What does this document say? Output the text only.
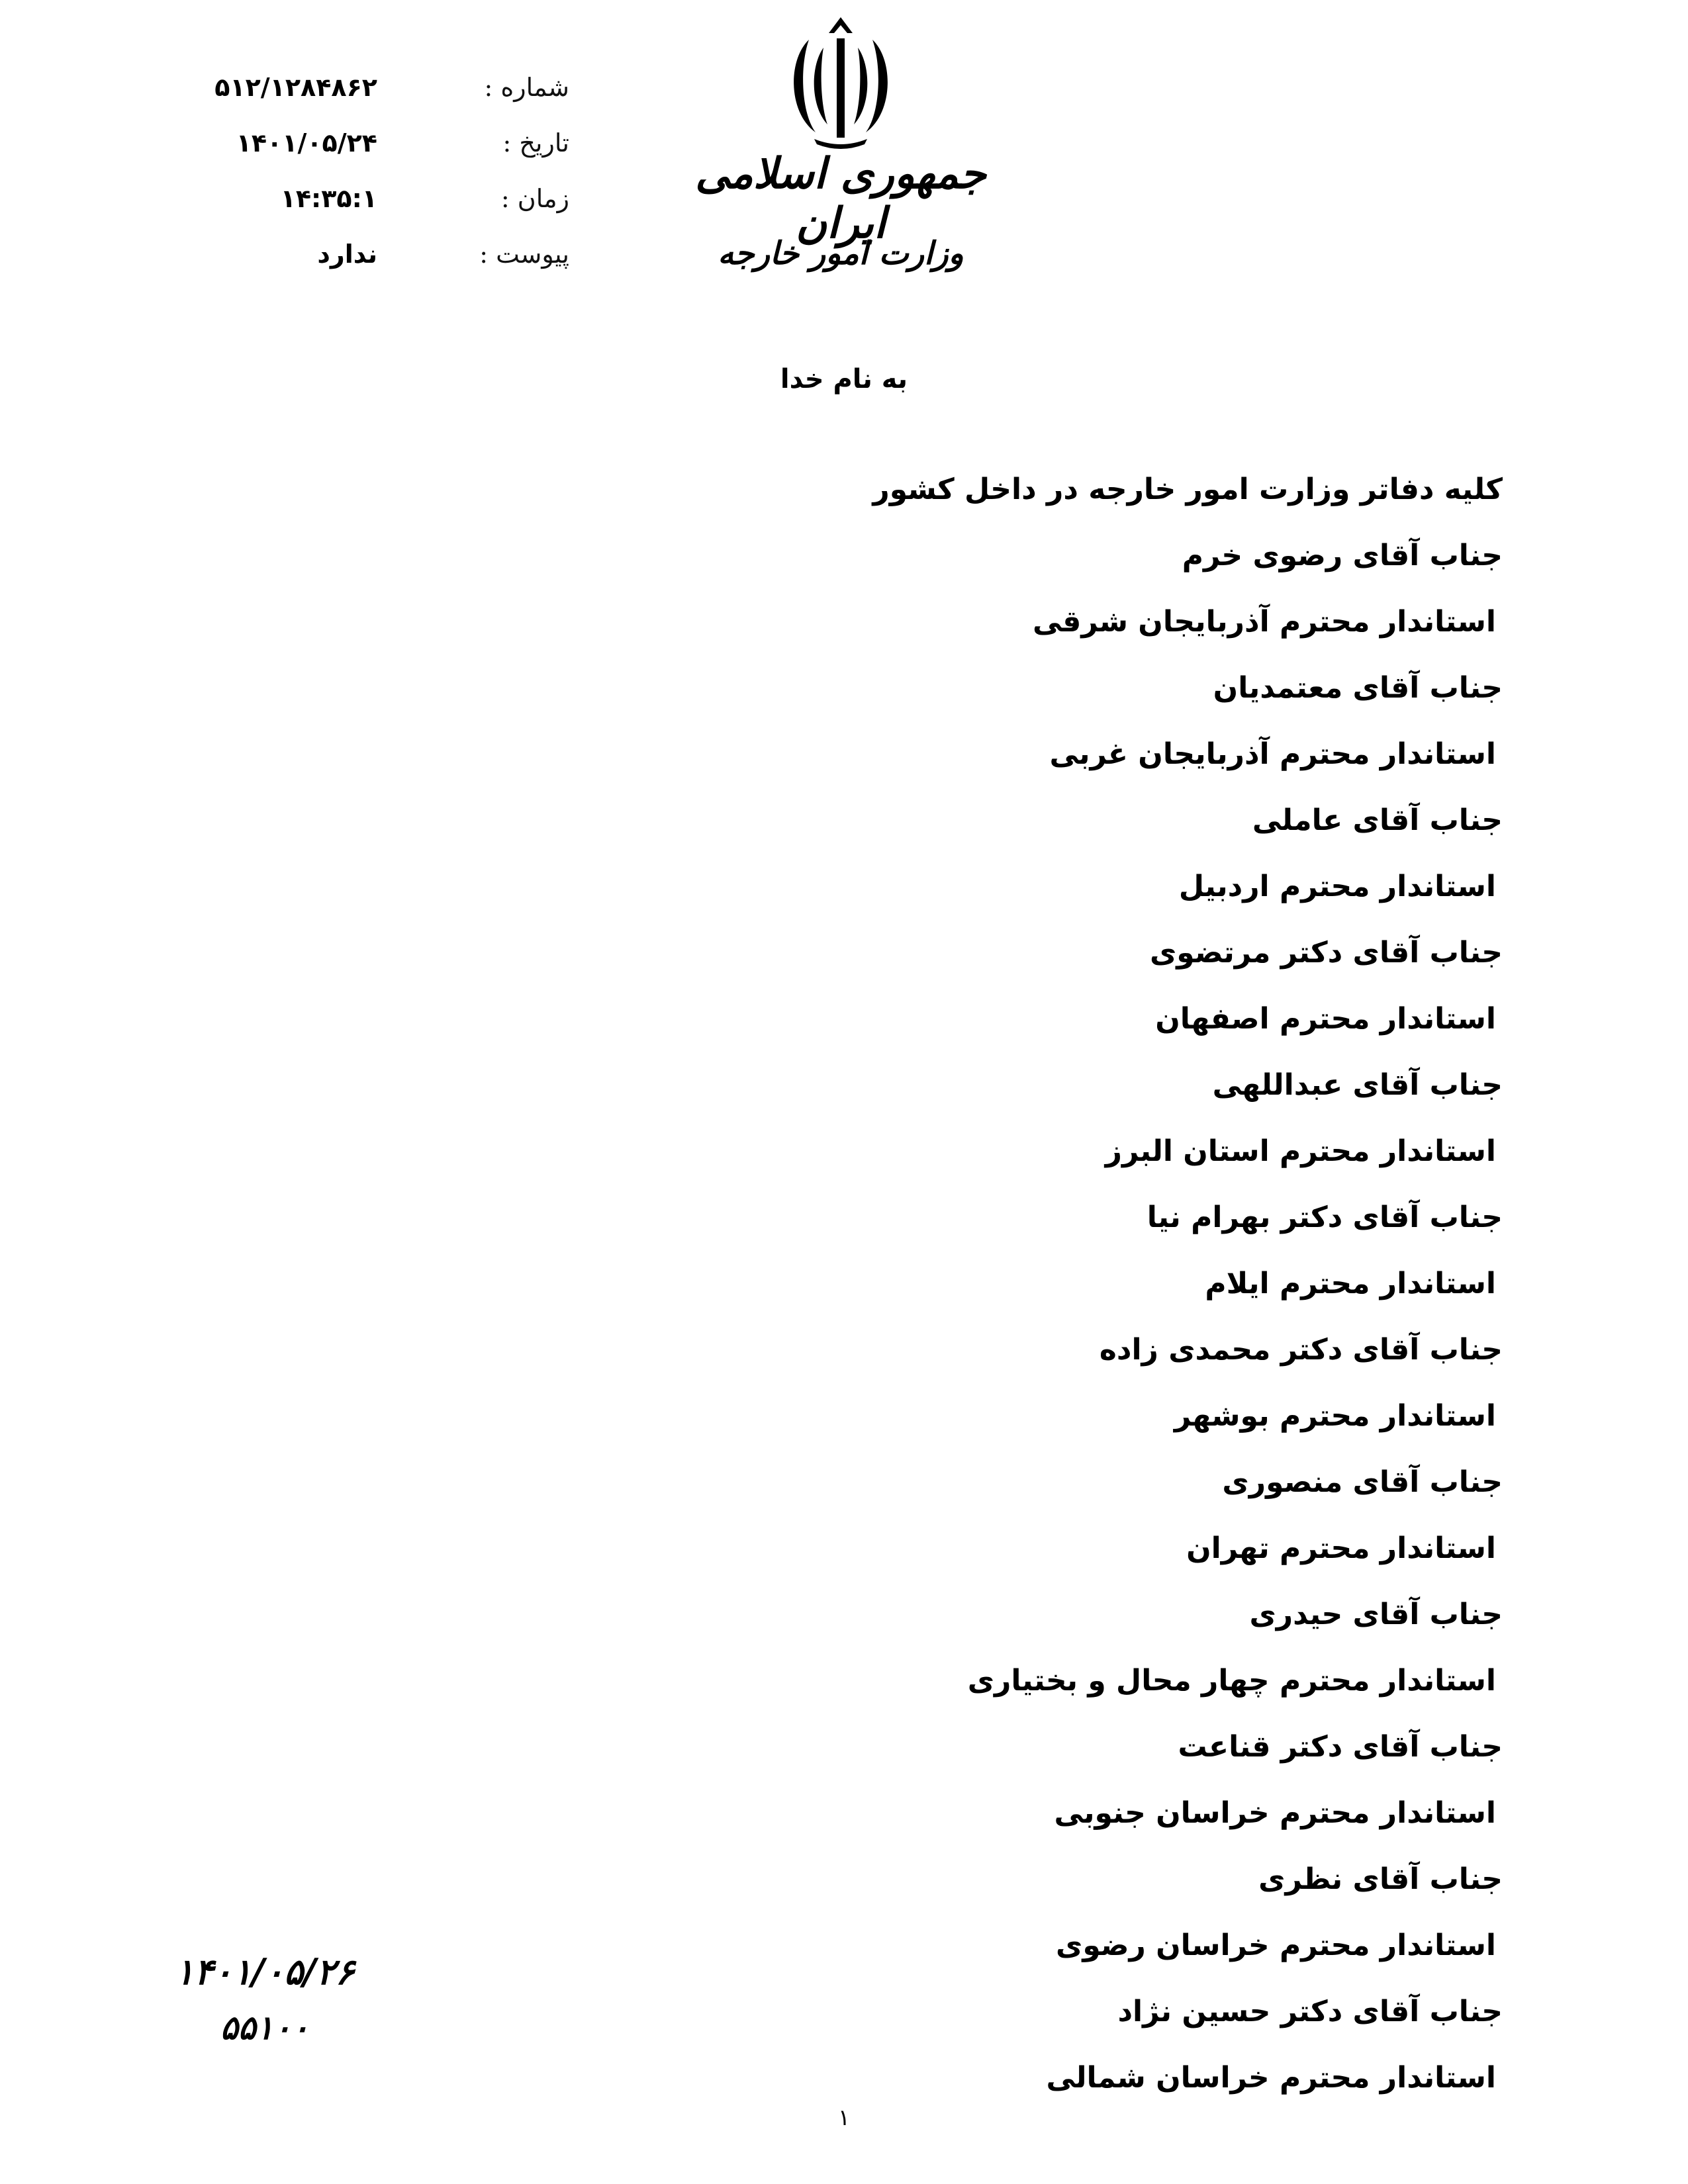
شماره :
۵۱۲/۱۲۸۴۸۶۲
تاریخ :
۱۴۰۱/۰۵/۲۴
زمان :
۱۴:۳۵:۱
پیوست :
ندارد
جمهوری اسلامی ایران
وزارت امور خارجه
به نام خدا
کلیه دفاتر وزارت امور خارجه در داخل کشور
جناب آقای رضوی خرم
استاندار محترم آذربایجان شرقی
جناب آقای معتمدیان
استاندار محترم آذربایجان غربی
جناب آقای عاملی
استاندار محترم اردبیل
جناب آقای دکتر مرتضوی
استاندار محترم اصفهان
جناب آقای عبداللهی
استاندار محترم استان البرز
جناب آقای دکتر بهرام نیا
استاندار محترم ایلام
جناب آقای دکتر محمدی زاده
استاندار محترم بوشهر
جناب آقای منصوری
استاندار محترم تهران
جناب آقای حیدری
استاندار محترم چهار محال و بختیاری
جناب آقای دکتر قناعت
استاندار محترم خراسان جنوبی
جناب آقای نظری
استاندار محترم خراسان رضوی
جناب آقای دکتر حسین نژاد
استاندار محترم خراسان شمالی
۱۴۰۱/۰۵/۲۶
۵۵۱۰۰
۱
